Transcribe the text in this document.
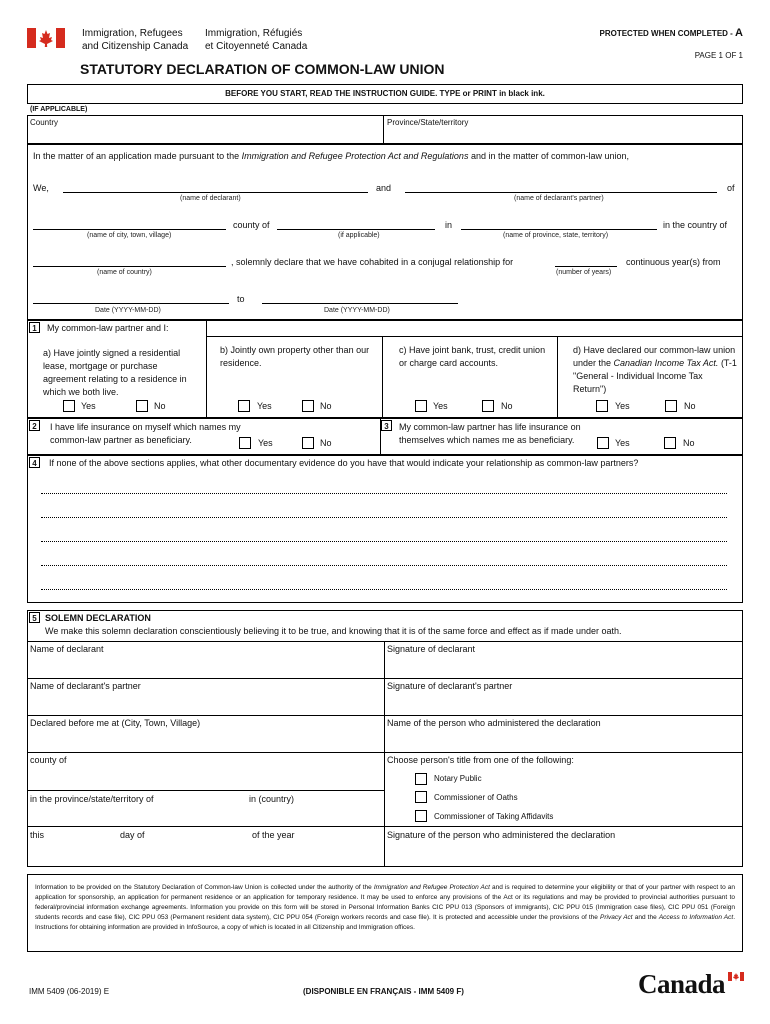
Immigration, Refugees
and Citizenship Canada
Immigration, Réfugiés
et Citoyenneté Canada
PROTECTED WHEN COMPLETED - A
PAGE 1 OF 1
STATUTORY DECLARATION OF COMMON-LAW UNION
BEFORE YOU START, READ THE INSTRUCTION GUIDE. TYPE or PRINT in black ink.
(IF APPLICABLE)
Country	Province/State/territory
In the matter of an application made pursuant to the Immigration and Refugee Protection Act and Regulations and in the matter of common-law union,
We,	and	of
(name of declarant)	(name of declarant's partner)
county of	in	in the country of
(name of city, town, village)	(if applicable)	(name of province, state, territory)
, solemnly declare that we have cohabited in a conjugal relationship for	continuous year(s) from
(name of country)	(number of years)
to
Date (YYYY-MM-DD)	Date (YYYY-MM-DD)
1	My common-law partner and I:
a) Have jointly signed a residential lease, mortgage or purchase agreement relating to a residence in which we both live.
b) Jointly own property other than our residence.
c) Have joint bank, trust, credit union or charge card accounts.
d) Have declared our common-law union under the Canadian Income Tax Act. (T-1 "General - Individual Income Tax Return")
Yes	No	Yes	No	Yes	No	Yes	No
2	I have life insurance on myself which names my common-law partner as beneficiary.	Yes	No
3	My common-law partner has life insurance on themselves which names me as beneficiary.	Yes	No
4	If none of the above sections applies, what other documentary evidence do you have that would indicate your relationship as common-law partners?
5 SOLEMN DECLARATION
We make this solemn declaration conscientiously believing it to be true, and knowing that it is of the same force and effect as if made under oath.
Name of declarant	Signature of declarant
Name of declarant's partner	Signature of declarant's partner
Declared before me at (City, Town, Village)	Name of the person who administered the declaration
county of	Choose person's title from one of the following:
Notary Public
Commissioner of Oaths
Commissioner of Taking Affidavits
in the province/state/territory of	in (country)
this	day of	of the year	Signature of the person who administered the declaration
Information to be provided on the Statutory Declaration of Common-law Union is collected under the authority of the Immigration and Refugee Protection Act and is required to determine your eligibility or that of your partner with respect to an application for sponsorship, an application for permanent residence or an application for temporary residence. It may be used to enforce any provisions of the Act or its regulations and may be provided to provincial authorities pursuant to federal/provincial information exchange agreements. Information you provide on this form will be stored in Personal Information Banks CIC PPU 013 (Sponsors of immigrants), CIC PPU 015 (Immigration case files), CIC PPU 051 (Foreign students records and case file), CIC PPU 053 (Permanent resident data system), CIC PPU 054 (Foreign workers records and case file). It is protected and accessible under the provisions of the Privacy Act and the Access to Information Act. Instructions for obtaining information are provided in InfoSource, a copy of which is located in all Citizenship and Immigration offices.
IMM 5409 (06-2019) E	(DISPONIBLE EN FRANÇAIS - IMM 5409 F)	Canada
